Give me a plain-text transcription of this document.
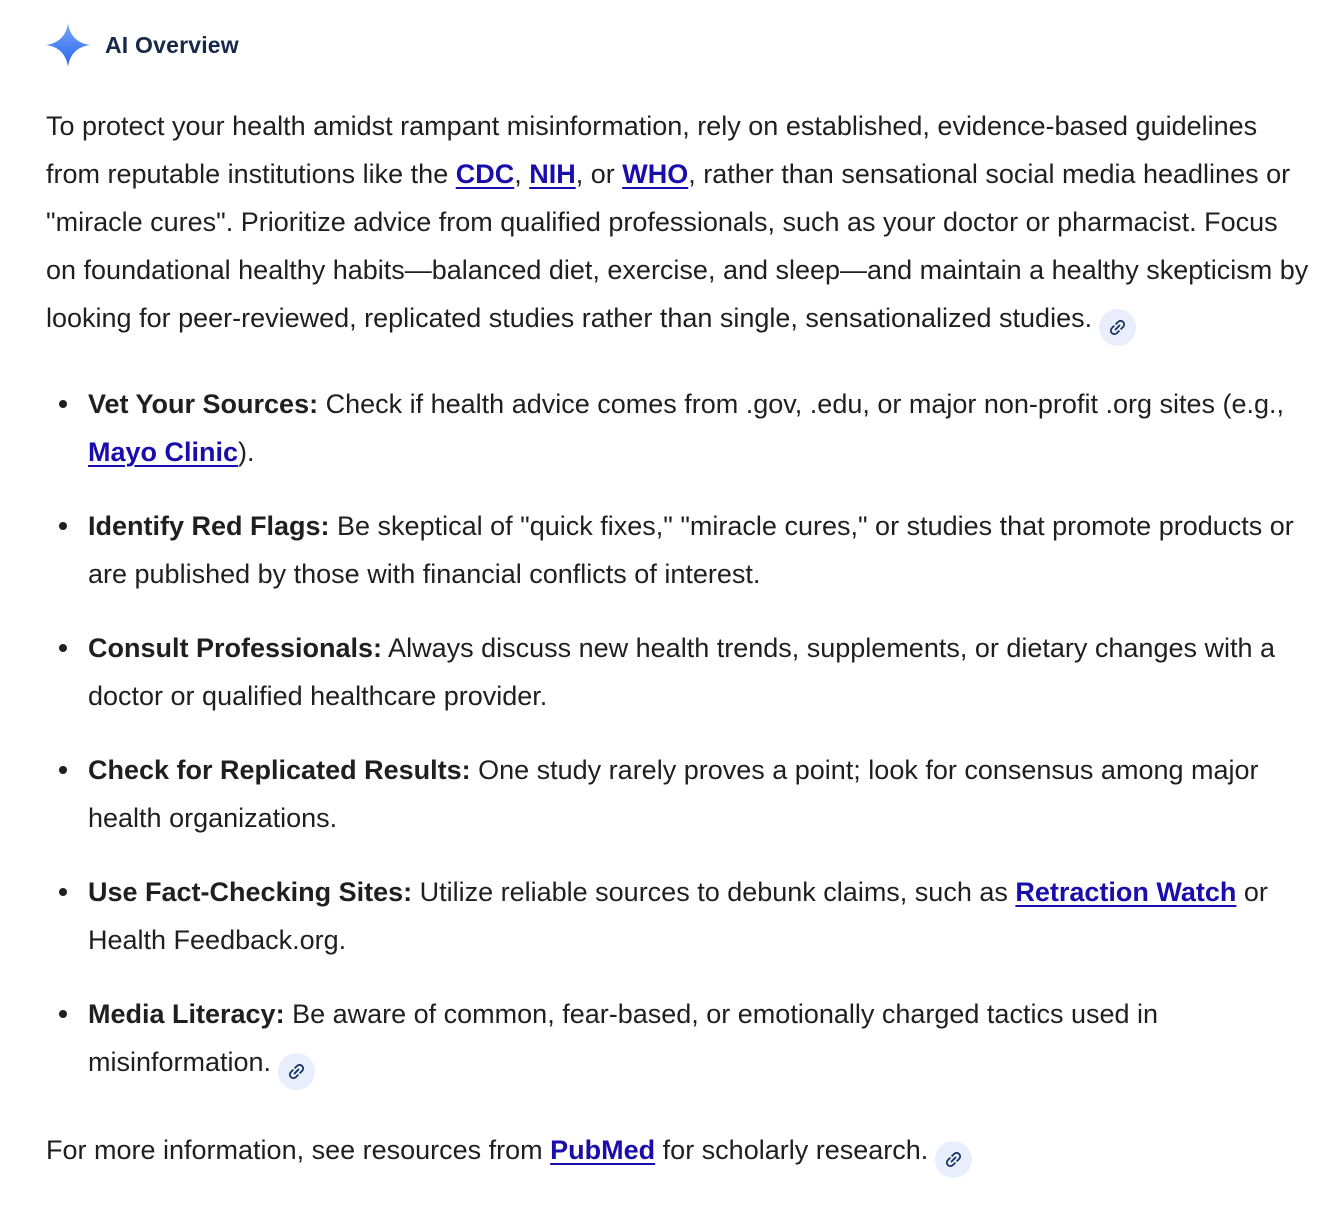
AI Overview

To protect your health amidst rampant misinformation, rely on established, evidence-based guidelines from reputable institutions like the CDC, NIH, or WHO, rather than sensational social media headlines or "miracle cures". Prioritize advice from qualified professionals, such as your doctor or pharmacist. Focus on foundational healthy habits—balanced diet, exercise, and sleep—and maintain a healthy skepticism by looking for peer-reviewed, replicated studies rather than single, sensationalized studies.

Vet Your Sources: Check if health advice comes from .gov, .edu, or major non-profit .org sites (e.g., Mayo Clinic).
Identify Red Flags: Be skeptical of "quick fixes," "miracle cures," or studies that promote products or are published by those with financial conflicts of interest.
Consult Professionals: Always discuss new health trends, supplements, or dietary changes with a doctor or qualified healthcare provider.
Check for Replicated Results: One study rarely proves a point; look for consensus among major health organizations.
Use Fact-Checking Sites: Utilize reliable sources to debunk claims, such as Retraction Watch or Health Feedback.org.
Media Literacy: Be aware of common, fear-based, or emotionally charged tactics used in misinformation.

For more information, see resources from PubMed for scholarly research.
